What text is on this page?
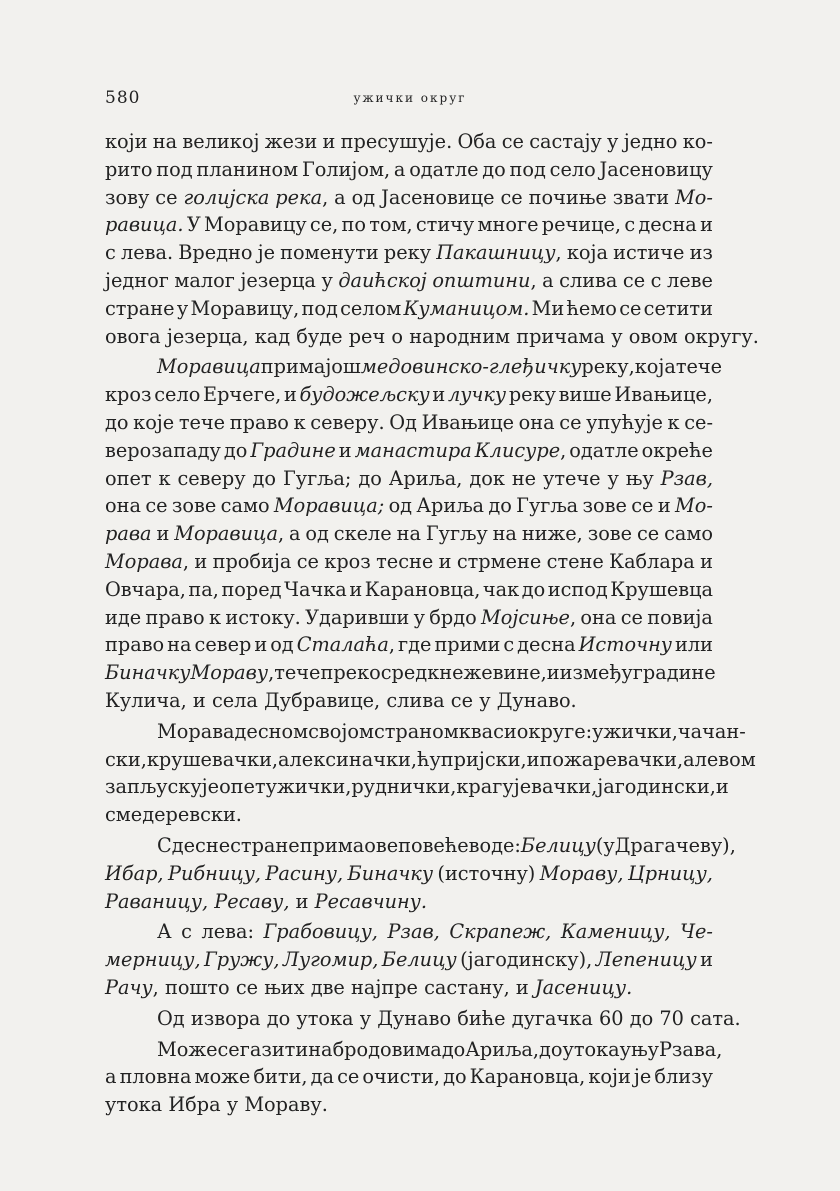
580	ужички округ
који на великој жези и пресушује. Оба се састају у једно ко-
рито под планином Голијом, а одатле до под село Јасеновицу
зову се голијска река, а од Јасеновице се почиње звати Мо-
равица. У Моравицу се, по том, стичу многе речице, с десна и
с лева. Вредно је поменути реку Пакашницу, која истиче из
једног малог језерца у даићској општини, а слива се с леве
стране у Моравицу, под селом Куманицом. Ми ћемо се сетити
овога језерца, кад буде реч о народним причама у овом округу.
Моравица прима још медовинско-глеђичку реку, која тече
кроз село Ерчеге, и будожељску и лучку реку више Ивањице,
до које тече право к северу. Од Ивањице она се упућује к се-
верозападу до Градине и манастира Клисуре, одатле окреће
опет к северу до Гугља; до Ариља, док не утече у њу Рзав,
она се зове само Моравица; од Ариља до Гугља зове се и Мо-
рава и Моравица, а од скеле на Гугљу на ниже, зове се само
Морава, и пробија се кроз тесне и стрмене стене Каблара и
Овчара, па, поред Чачка и Карановца, чак до испод Крушевца
иде право к истоку. Ударивши у брдо Мојсиње, она се повија
право на север и од Сталаћа, где прими с десна Источну или
Биначку Мораву, тече преко сред кнежевине, и између градине
Кулича, и села Дубравице, слива се у Дунаво.
Морава десном својом страном кваси округе: ужички, чачан-
ски, крушевачки, алексиначки, ћупријски, и пожаревачки, а левом
запљускује опет ужички, руднички, крагујевачки, јагодински, и
смедеревски.
С десне стране прима ове повеће воде: Белицу (у Драгачеву),
Ибар, Рибницу, Расину, Биначку (источну) Мораву, Црницу,
Раваницу, Ресаву, и Ресавчину.
А с лева: Грабовицу, Рзав, Скрапеж, Каменицу, Че-
мерницу, Гружу, Лугомир, Белицу (јагодинску), Лепеницу и
Рачу, пошто се њих две најпре састану, и Јасеницу.
Од извора до утока у Дунаво биће дугачка 60 до 70 сата.
Може се газити на бродовима до Ариља, до утока у њу Рзава,
а пловна може бити, да се очисти, до Карановца, који је близу
утока Ибра у Мораву.
